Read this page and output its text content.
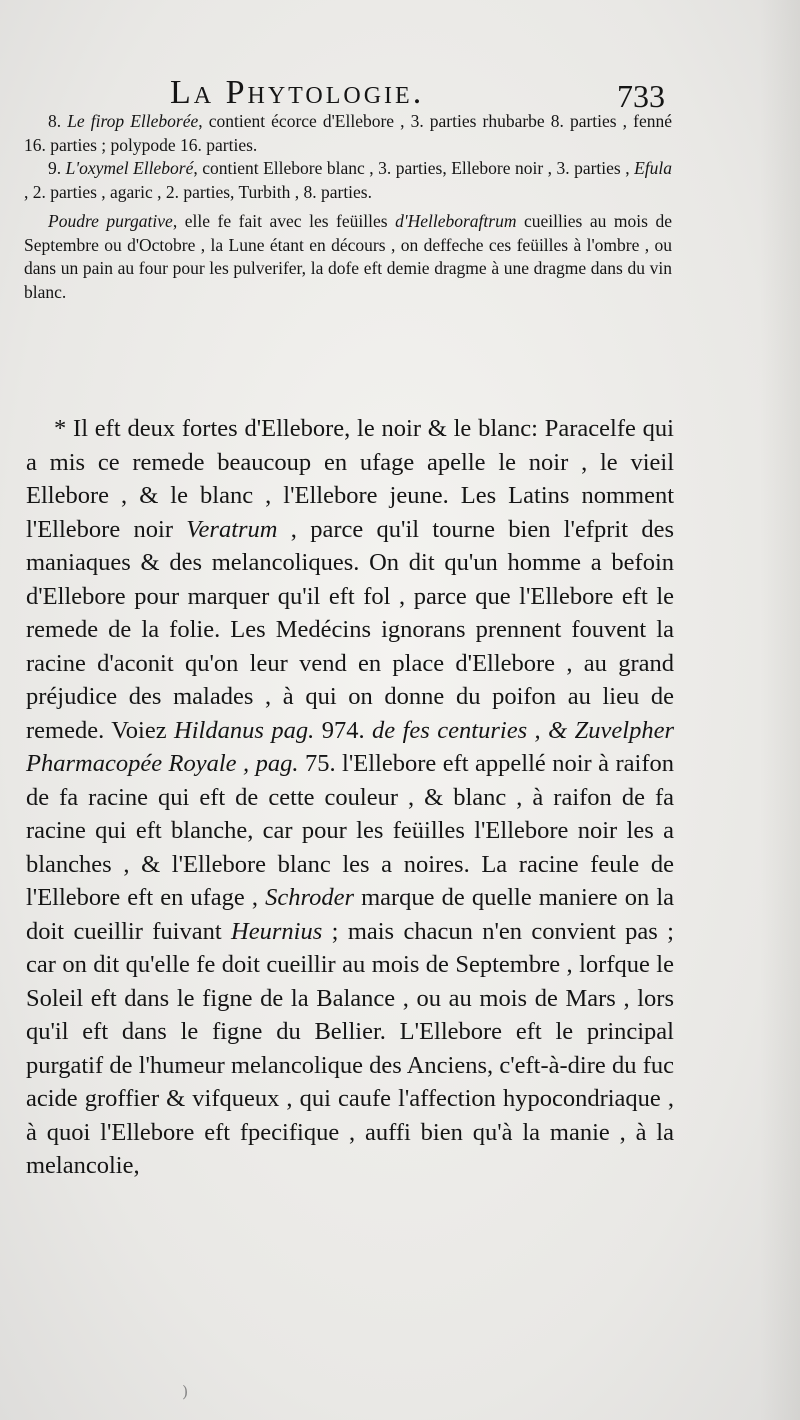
La Phytologie.	733

8. Le firop Elleborée, contient écorce d'Ellebore , 3. parties rhubarbe 8. parties , fenné 16. parties ; polypode 16. parties.

9. L'oxymel Elleboré, contient Ellebore blanc , 3. parties, Ellebore noir , 3. parties , Efula , 2. parties , agaric , 2. parties, Turbith , 8. parties.

Poudre purgative, elle fe fait avec les feüilles d'Helleboraftrum cueillies au mois de Septembre ou d'Octobre , la Lune étant en décours , on deffeche ces feüilles à l'ombre , ou dans un pain au four pour les pulverifer, la dofe eft demie dragme à une dragme dans du vin blanc.

* Il eft deux fortes d'Ellebore, le noir & le blanc: Paracelfe qui a mis ce remede beaucoup en ufage apelle le noir , le vieil Ellebore , & le blanc , l'Ellebore jeune. Les Latins nomment l'Ellebore noir Veratrum , parce qu'il tourne bien l'efprit des maniaques & des melancoliques. On dit qu'un homme a befoin d'Ellebore pour marquer qu'il eft fol , parce que l'Ellebore eft le remede de la folie. Les Medécins ignorans prennent fouvent la racine d'aconit qu'on leur vend en place d'Ellebore , au grand préjudice des malades , à qui on donne du poifon au lieu de remede. Voiez Hildanus pag. 974. de fes centuries , & Zuvelpher Pharmacopée Royale , pag. 75. l'Ellebore eft appellé noir à raifon de fa racine qui eft de cette couleur , & blanc , à raifon de fa racine qui eft blanche, car pour les feüilles l'Ellebore noir les a blanches , & l'Ellebore blanc les a noires. La racine feule de l'Ellebore eft en ufage , Schroder marque de quelle maniere on la doit cueillir fuivant Heurnius ; mais chacun n'en convient pas ; car on dit qu'elle fe doit cueillir au mois de Septembre , lorfque le Soleil eft dans le figne de la Balance , ou au mois de Mars , lors qu'il eft dans le figne du Bellier. L'Ellebore eft le principal purgatif de l'humeur melancolique des Anciens, c'eft-à-dire du fuc acide groffier & vifqueux , qui caufe l'affection hypocondriaque , à quoi l'Ellebore eft fpecifique , auffi bien qu'à la manie , à la melancolie,

)
